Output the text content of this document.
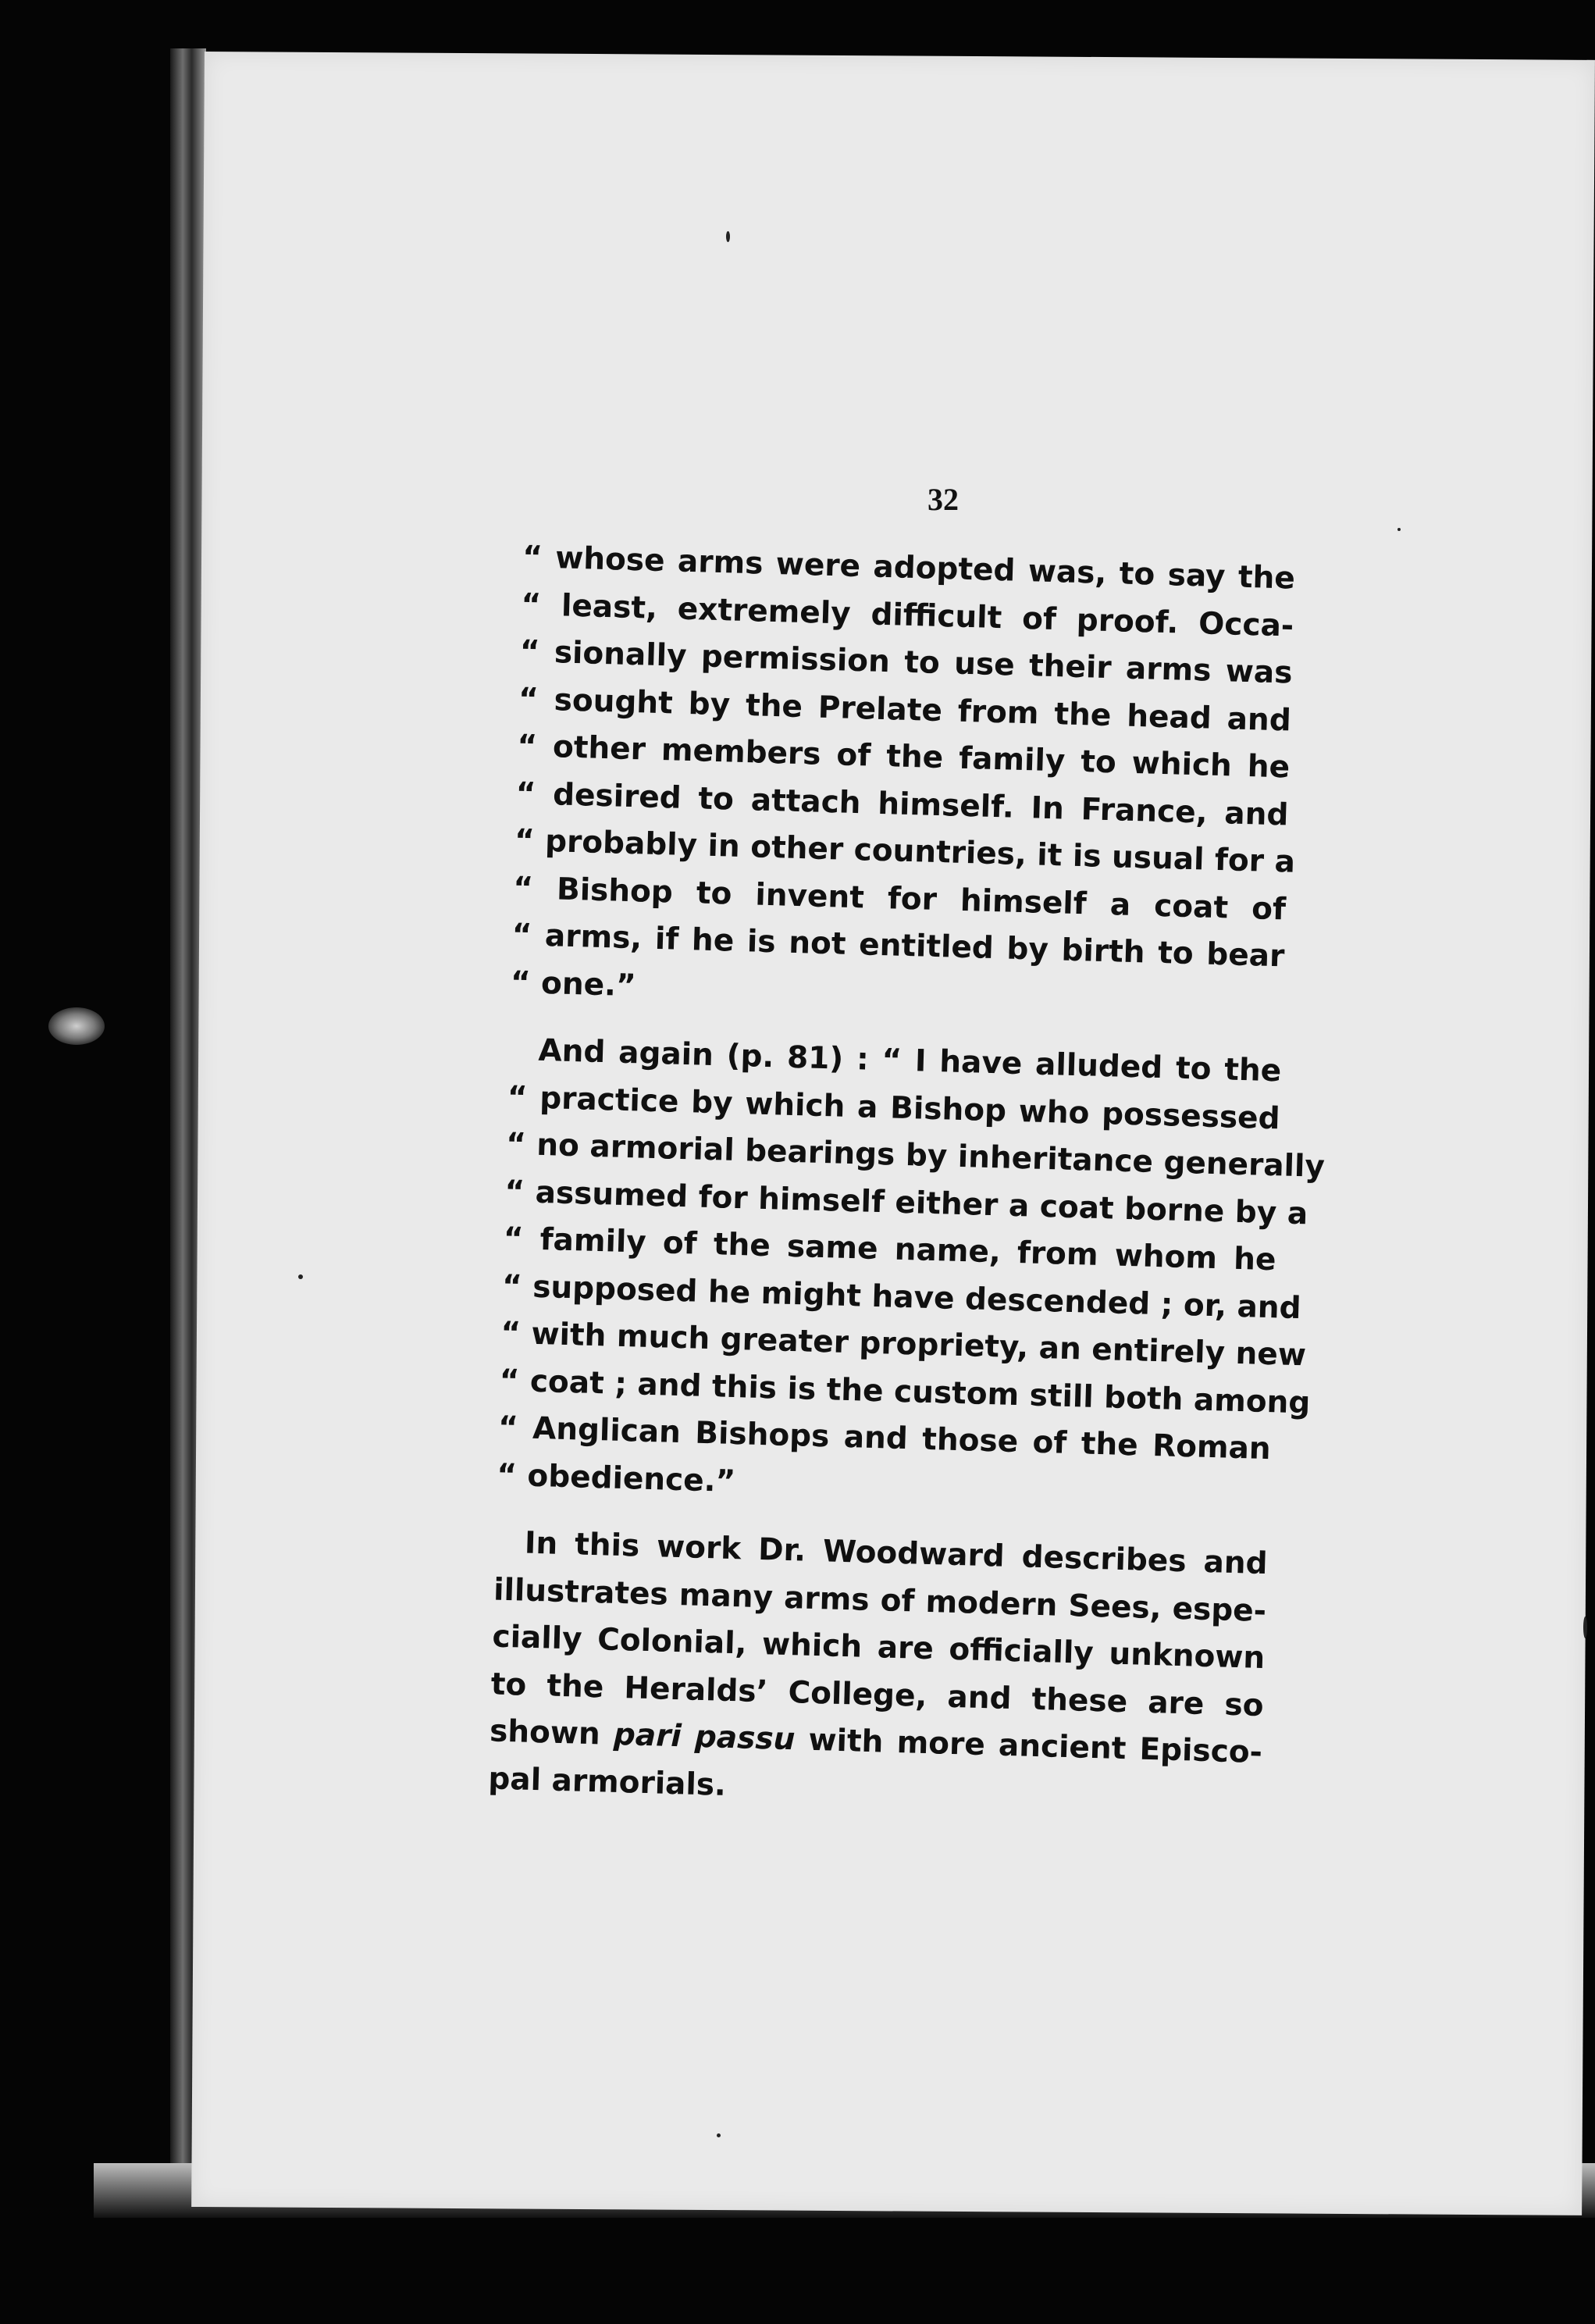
32
“ whose arms were adopted was, to say the
“ least, extremely difficult of proof. Occa-
“ sionally permission to use their arms was
“ sought by the Prelate from the head and
“ other members of the family to which he
“ desired to attach himself. In France, and
“ probably in other countries, it is usual for a
“ Bishop to invent for himself a coat of
“ arms, if he is not entitled by birth to bear
“ one.”
And again (p. 81) : “ I have alluded to the
“ practice by which a Bishop who possessed
“ no armorial bearings by inheritance generally
“ assumed for himself either a coat borne by a
“ family of the same name, from whom he
“ supposed he might have descended ; or, and
“ with much greater propriety, an entirely new
“ coat ; and this is the custom still both among
“ Anglican Bishops and those of the Roman
“ obedience.”
In this work Dr. Woodward describes and
illustrates many arms of modern Sees, espe-
cially Colonial, which are officially unknown
to the Heralds’ College, and these are so
shown pari passu with more ancient Episco-
pal armorials.
